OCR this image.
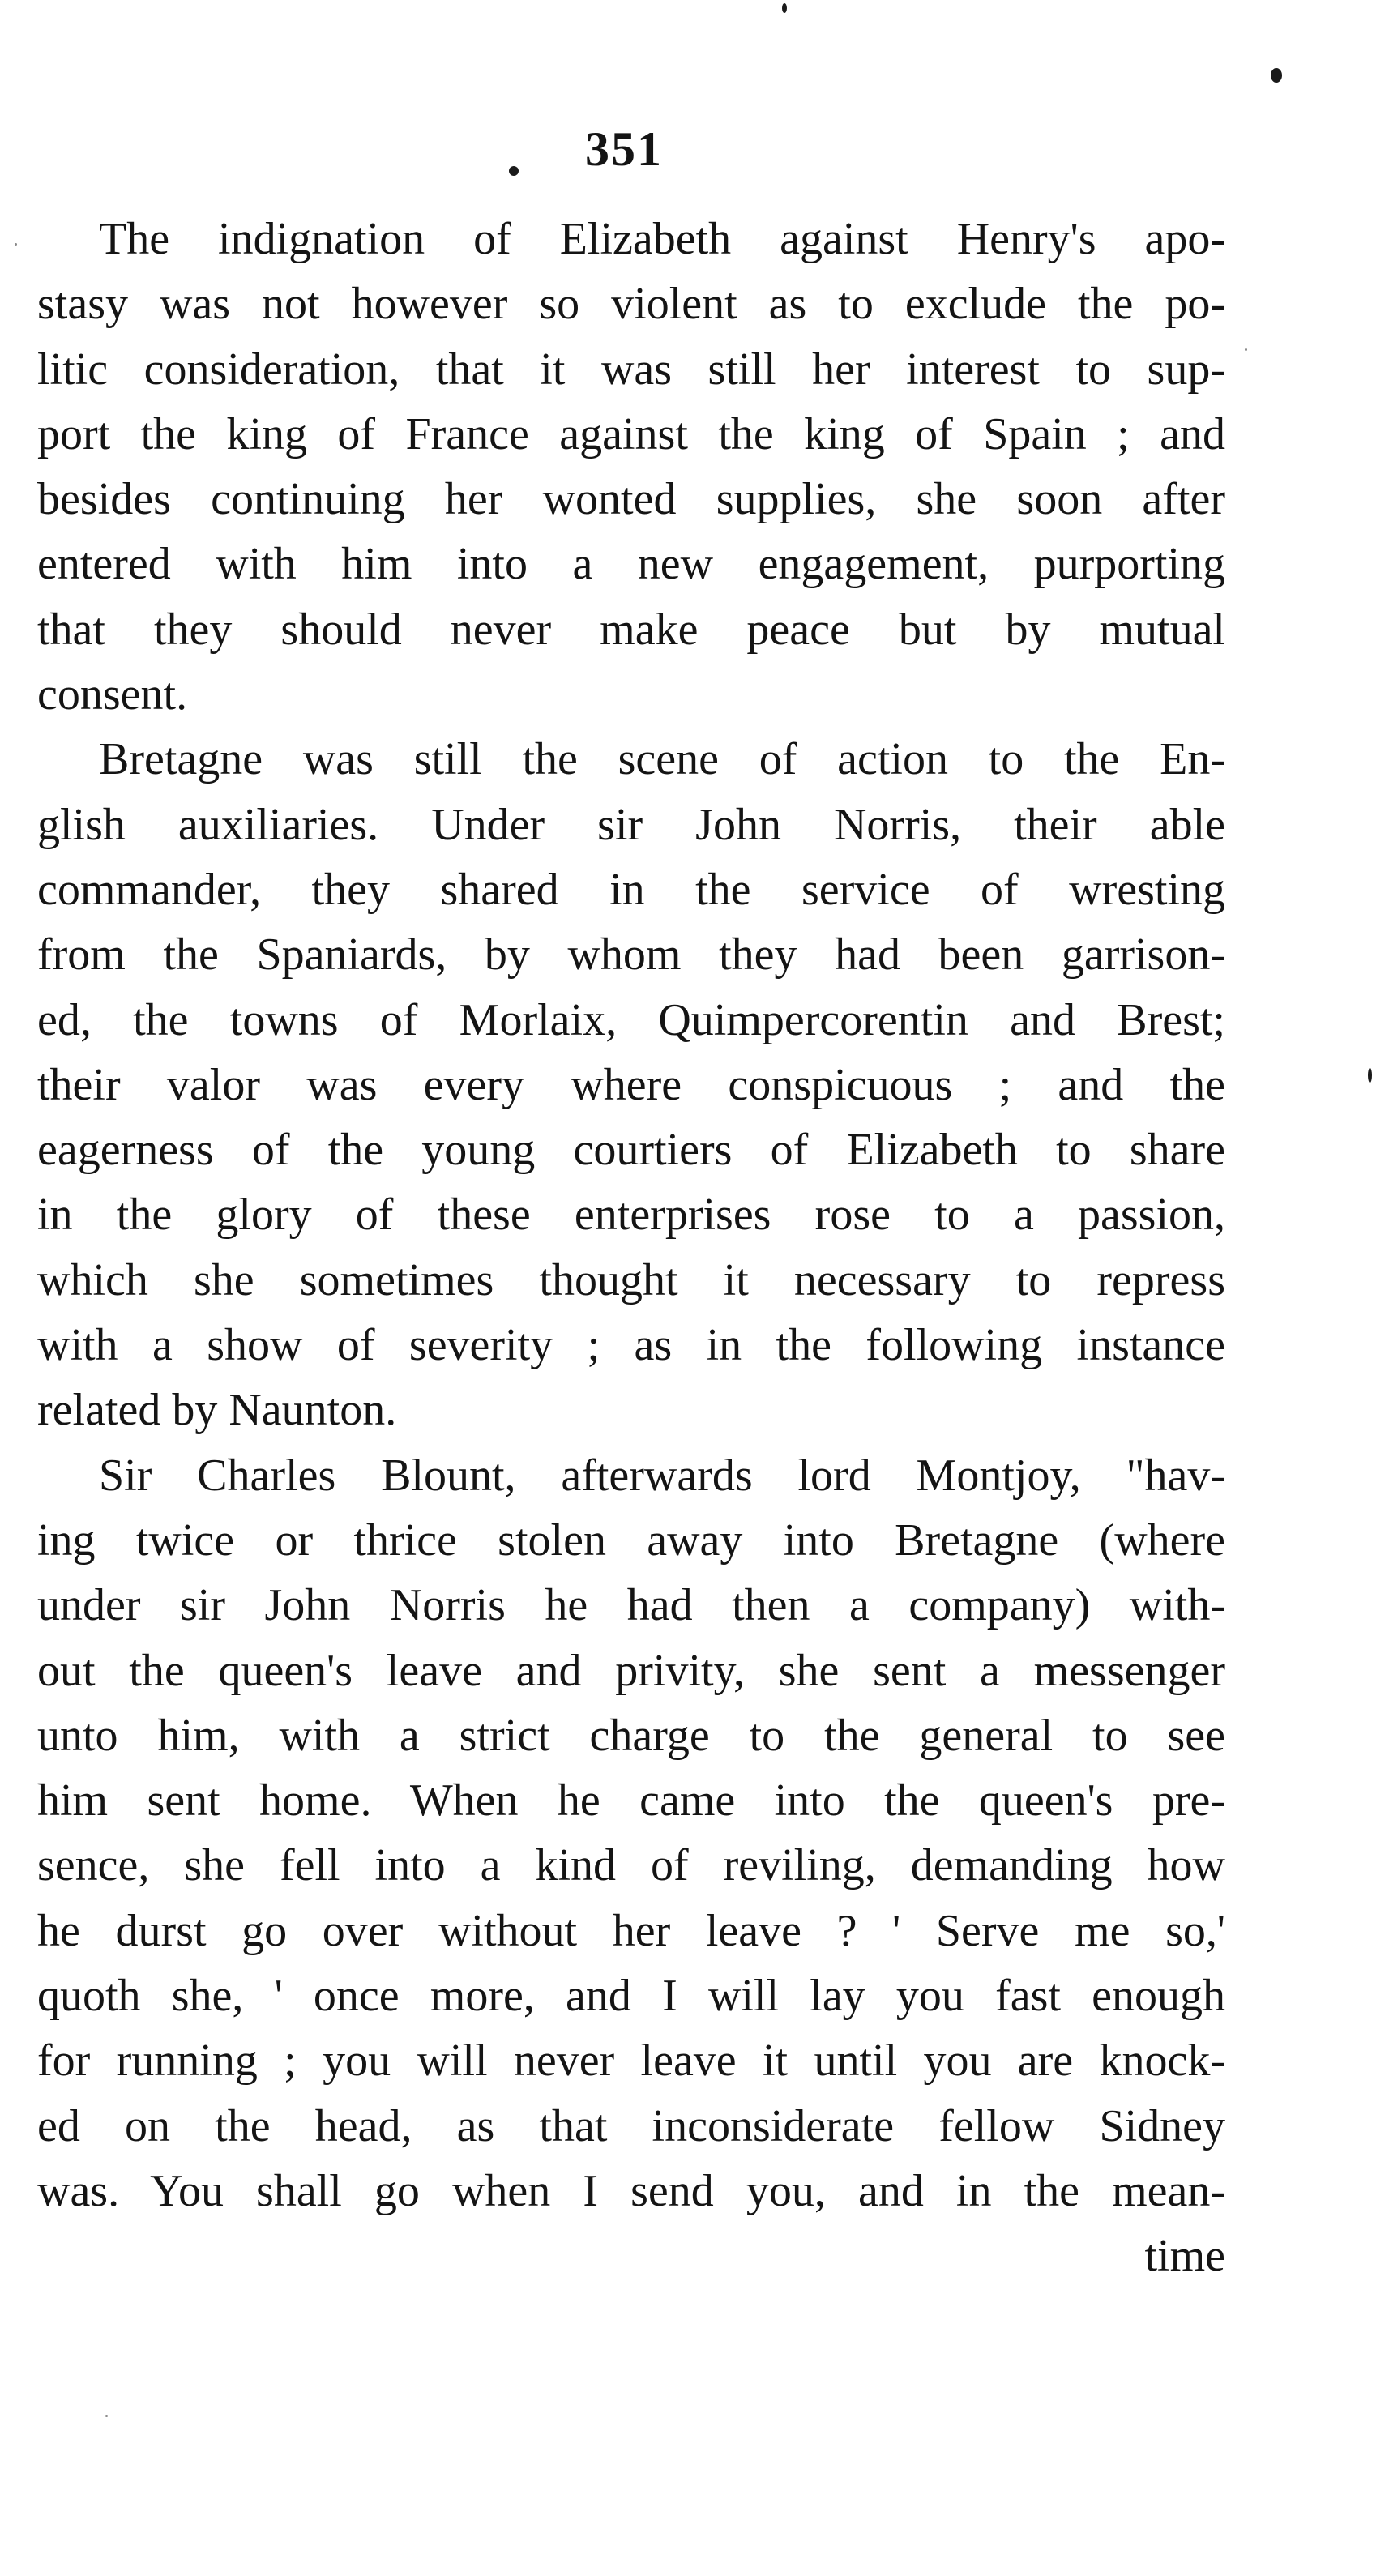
351
The indignation of Elizabeth against Henry's apo-
stasy was not however so violent as to exclude the po-
litic consideration, that it was still her interest to sup-
port the king of France against the king of Spain ; and
besides continuing her wonted supplies, she soon after
entered with him into a new engagement, purporting
that they should never make peace but by mutual
consent.
Bretagne was still the scene of action to the En-
glish auxiliaries. Under sir John Norris, their able
commander, they shared in the service of wresting
from the Spaniards, by whom they had been garrison-
ed, the towns of Morlaix, Quimpercorentin and Brest;
their valor was every where conspicuous ; and the
eagerness of the young courtiers of Elizabeth to share
in the glory of these enterprises rose to a passion,
which she sometimes thought it necessary to repress
with a show of severity ; as in the following instance
related by Naunton.
Sir Charles Blount, afterwards lord Montjoy, "hav-
ing twice or thrice stolen away into Bretagne (where
under sir John Norris he had then a company) with-
out the queen's leave and privity, she sent a messenger
unto him, with a strict charge to the general to see
him sent home. When he came into the queen's pre-
sence, she fell into a kind of reviling, demanding how
he durst go over without her leave ? ' Serve me so,'
quoth she, ' once more, and I will lay you fast enough
for running ; you will never leave it until you are knock-
ed on the head, as that inconsiderate fellow Sidney
was. You shall go when I send you, and in the mean-
time
